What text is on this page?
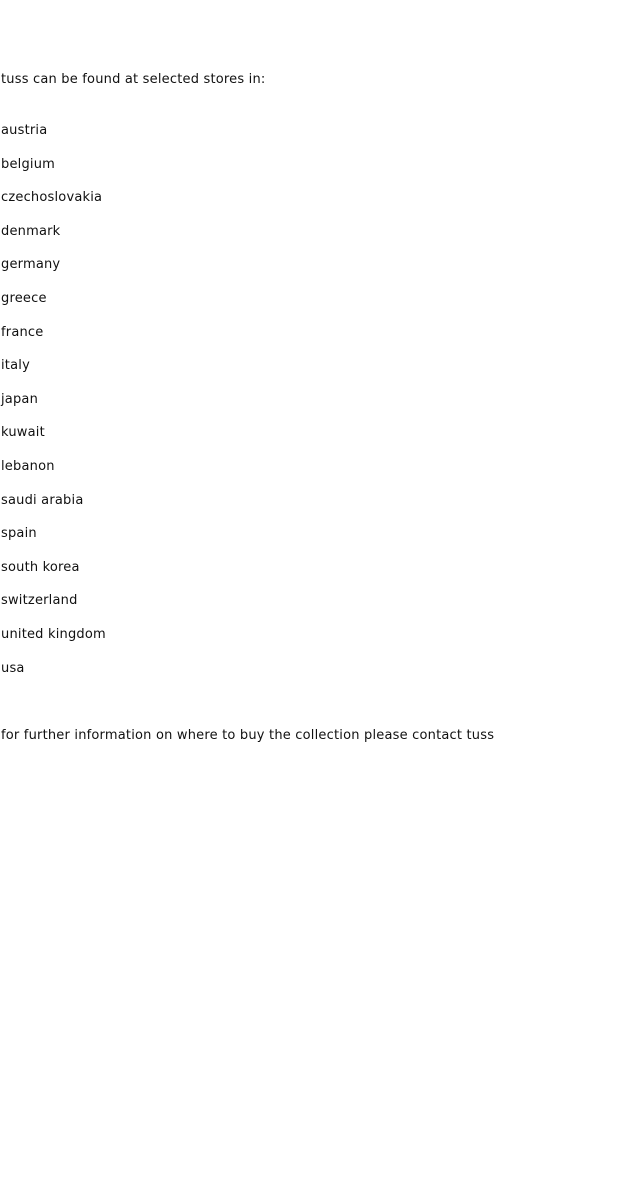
tuss can be found at selected stores in:
austria
belgium
czechoslovakia
denmark
germany
greece
france
italy
japan
kuwait
lebanon
saudi arabia
spain
south korea
switzerland
united kingdom
usa
for further information on where to buy the collection please contact tuss
